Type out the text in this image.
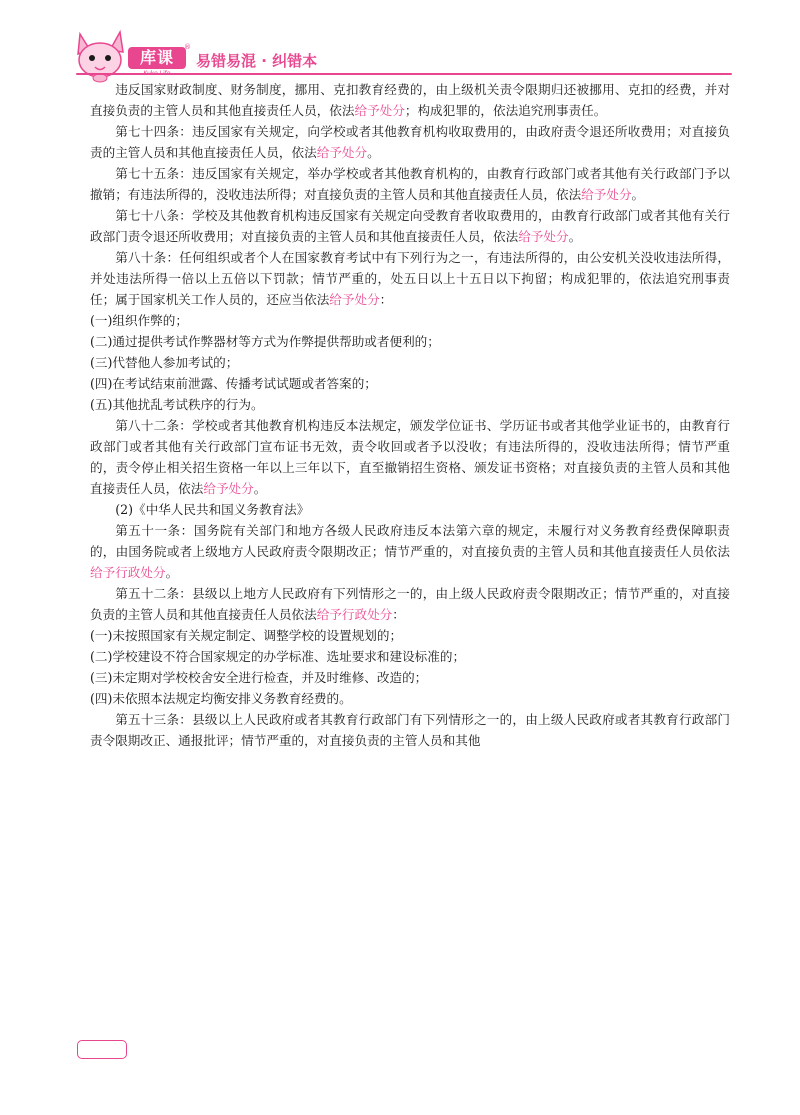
库课
®
易错易混 · 纠错本

违反国家财政制度、财务制度，挪用、克扣教育经费的，由上级机关责令限期归还被挪用、克扣的经费，并对直接负责的主管人员和其他直接责任人员，依法给予处分；构成犯罪的，依法追究刑事责任。

第七十四条：违反国家有关规定，向学校或者其他教育机构收取费用的，由政府责令退还所收费用；对直接负责的主管人员和其他直接责任人员，依法给予处分。

第七十五条：违反国家有关规定，举办学校或者其他教育机构的，由教育行政部门或者其他有关行政部门予以撤销；有违法所得的，没收违法所得；对直接负责的主管人员和其他直接责任人员，依法给予处分。

第七十八条：学校及其他教育机构违反国家有关规定向受教育者收取费用的，由教育行政部门或者其他有关行政部门责令退还所收费用；对直接负责的主管人员和其他直接责任人员，依法给予处分。

第八十条：任何组织或者个人在国家教育考试中有下列行为之一，有违法所得的，由公安机关没收违法所得，并处违法所得一倍以上五倍以下罚款；情节严重的，处五日以上十五日以下拘留；构成犯罪的，依法追究刑事责任；属于国家机关工作人员的，还应当依法给予处分：

(一)组织作弊的；

(二)通过提供考试作弊器材等方式为作弊提供帮助或者便利的；

(三)代替他人参加考试的；

(四)在考试结束前泄露、传播考试试题或者答案的；

(五)其他扰乱考试秩序的行为。

第八十二条：学校或者其他教育机构违反本法规定，颁发学位证书、学历证书或者其他学业证书的，由教育行政部门或者其他有关行政部门宣布证书无效，责令收回或者予以没收；有违法所得的，没收违法所得；情节严重的，责令停止相关招生资格一年以上三年以下，直至撤销招生资格、颁发证书资格；对直接负责的主管人员和其他直接责任人员，依法给予处分。

(2)《中华人民共和国义务教育法》

第五十一条：国务院有关部门和地方各级人民政府违反本法第六章的规定，未履行对义务教育经费保障职责的，由国务院或者上级地方人民政府责令限期改正；情节严重的，对直接负责的主管人员和其他直接责任人员依法给予行政处分。

第五十二条：县级以上地方人民政府有下列情形之一的，由上级人民政府责令限期改正；情节严重的，对直接负责的主管人员和其他直接责任人员依法给予行政处分：

(一)未按照国家有关规定制定、调整学校的设置规划的；

(二)学校建设不符合国家规定的办学标准、选址要求和建设标准的；

(三)未定期对学校校舍安全进行检查，并及时维修、改造的；

(四)未依照本法规定均衡安排义务教育经费的。

第五十三条：县级以上人民政府或者其教育行政部门有下列情形之一的，由上级人民政府或者其教育行政部门责令限期改正、通报批评；情节严重的，对直接负责的主管人员和其他
